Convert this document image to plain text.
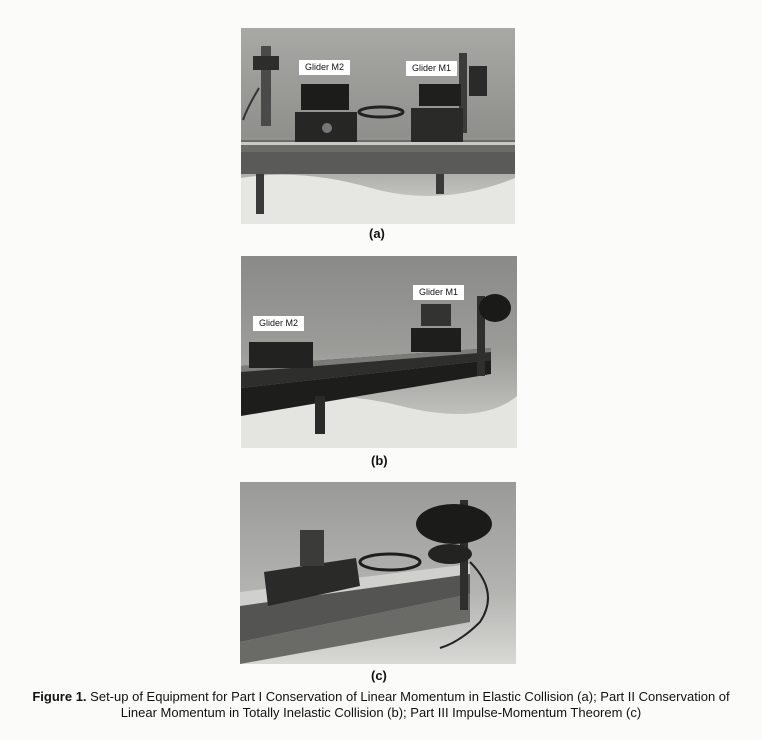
Glider M2	Glider M1
(a)
Glider M1
Glider M2
(b)
(c)
Figure 1. Set-up of Equipment for Part I Conservation of Linear Momentum in Elastic Collision (a); Part II Conservation of Linear Momentum in Totally Inelastic Collision (b); Part III Impulse-Momentum Theorem (c)
